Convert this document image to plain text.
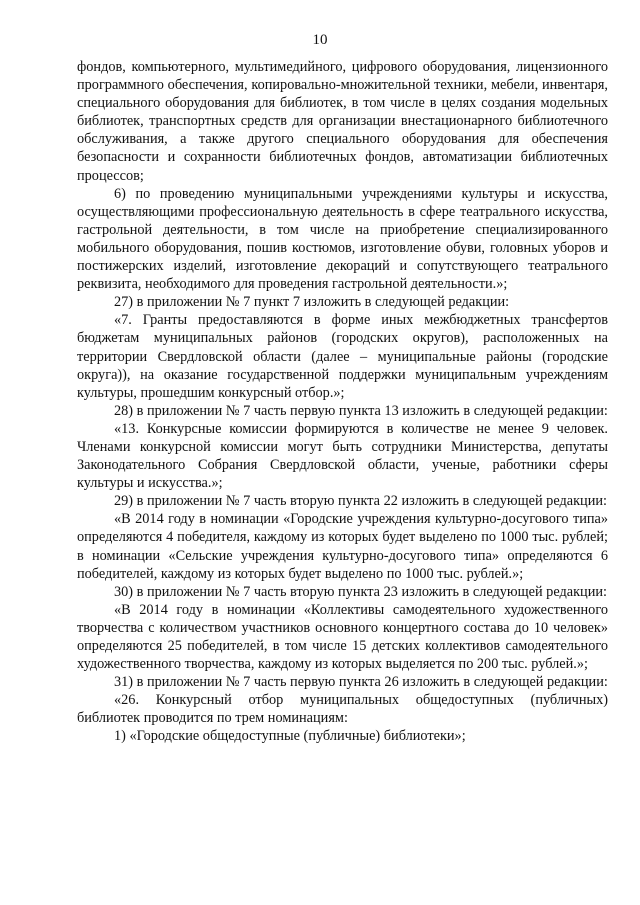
10

фондов, компьютерного, мультимедийного, цифрового оборудования, лицензионного программного обеспечения, копировально-множительной техники, мебели, инвентаря, специального оборудования для библиотек, в том числе в целях создания модельных библиотек, транспортных средств для организации внестационарного библиотечного обслуживания, а также другого специального оборудования для обеспечения безопасности и сохранности библиотечных фондов, автоматизации библиотечных процессов;

6) по проведению муниципальными учреждениями культуры и искусства, осуществляющими профессиональную деятельность в сфере театрального искусства, гастрольной деятельности, в том числе на приобретение специализированного мобильного оборудования, пошив костюмов, изготовление обуви, головных уборов и постижерских изделий, изготовление декораций и сопутствующего театрального реквизита, необходимого для проведения гастрольной деятельности.»;

27) в приложении № 7 пункт 7 изложить в следующей редакции:

«7. Гранты предоставляются в форме иных межбюджетных трансфертов бюджетам муниципальных районов (городских округов), расположенных на территории Свердловской области (далее – муниципальные районы (городские округа)), на оказание государственной поддержки муниципальным учреждениям культуры, прошедшим конкурсный отбор.»;

28) в приложении № 7 часть первую пункта 13 изложить в следующей редакции:

«13. Конкурсные комиссии формируются в количестве не менее 9 человек. Членами конкурсной комиссии могут быть сотрудники Министерства, депутаты Законодательного Собрания Свердловской области, ученые, работники сферы культуры и искусства.»;

29) в приложении № 7 часть вторую пункта 22 изложить в следующей редакции:

«В 2014 году в номинации «Городские учреждения культурно-досугового типа» определяются 4 победителя, каждому из которых будет выделено по 1000 тыс. рублей; в номинации «Сельские учреждения культурно-досугового типа» определяются 6 победителей, каждому из которых будет выделено по 1000 тыс. рублей.»;

30) в приложении № 7 часть вторую пункта 23 изложить в следующей редакции:

«В 2014 году в номинации «Коллективы самодеятельного художественного творчества с количеством участников основного концертного состава до 10 человек» определяются 25 победителей, в том числе 15 детских коллективов самодеятельного художественного творчества, каждому из которых выделяется по 200 тыс. рублей.»;

31) в приложении № 7 часть первую пункта 26 изложить в следующей редакции:

«26. Конкурсный отбор муниципальных общедоступных (публичных) библиотек проводится по трем номинациям:

1) «Городские общедоступные (публичные) библиотеки»;
